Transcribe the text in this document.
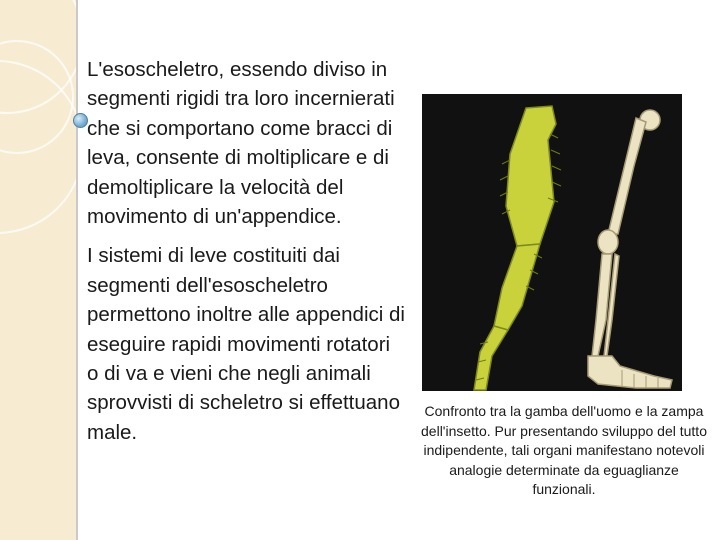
L'esoscheletro, essendo diviso in segmenti rigidi tra loro incernierati che si comportano come bracci di leva, consente di moltiplicare e di demoltiplicare la velocità del movimento di un'appendice.

I sistemi di leve costituiti dai segmenti dell'esoscheletro permettono inoltre alle appendici di eseguire rapidi movimenti rotatori o di va e vieni che negli animali sprovvisti di scheletro si effettuano male.

Confronto tra la gamba dell'uomo e la zampa dell'insetto. Pur presentando sviluppo del tutto indipendente, tali organi manifestano notevoli analogie determinate da eguaglianze funzionali.
